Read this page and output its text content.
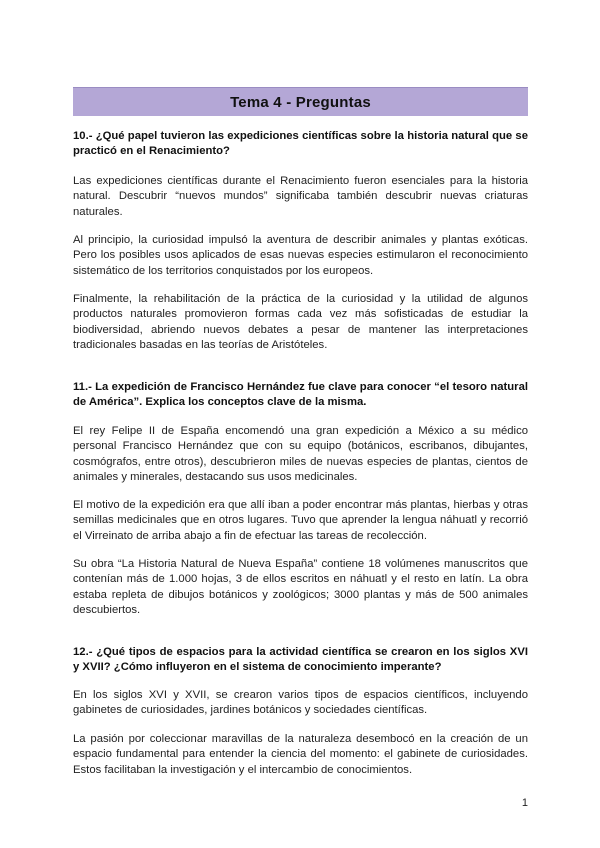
Tema 4 - Preguntas

10.- ¿Qué papel tuvieron las expediciones científicas sobre la historia natural que se practicó en el Renacimiento?

Las expediciones científicas durante el Renacimiento fueron esenciales para la historia natural. Descubrir “nuevos mundos” significaba también descubrir nuevas criaturas naturales.

Al principio, la curiosidad impulsó la aventura de describir animales y plantas exóticas. Pero los posibles usos aplicados de esas nuevas especies estimularon el reconocimiento sistemático de los territorios conquistados por los europeos.

Finalmente, la rehabilitación de la práctica de la curiosidad y la utilidad de algunos productos naturales promovieron formas cada vez más sofisticadas de estudiar la biodiversidad, abriendo nuevos debates a pesar de mantener las interpretaciones tradicionales basadas en las teorías de Aristóteles.

11.- La expedición de Francisco Hernández fue clave para conocer “el tesoro natural de América”. Explica los conceptos clave de la misma.

El rey Felipe II de España encomendó una gran expedición a México a su médico personal Francisco Hernández que con su equipo (botánicos, escribanos, dibujantes, cosmógrafos, entre otros), descubrieron miles de nuevas especies de plantas, cientos de animales y minerales, destacando sus usos medicinales.

El motivo de la expedición era que allí iban a poder encontrar más plantas, hierbas y otras semillas medicinales que en otros lugares. Tuvo que aprender la lengua náhuatl y recorrió el Virreinato de arriba abajo a fin de efectuar las tareas de recolección.

Su obra “La Historia Natural de Nueva España” contiene 18 volúmenes manuscritos que contenían más de 1.000 hojas, 3 de ellos escritos en náhuatl y el resto en latín. La obra estaba repleta de dibujos botánicos y zoológicos; 3000 plantas y más de 500 animales descubiertos.

12.- ¿Qué tipos de espacios para la actividad científica se crearon en los siglos XVI y XVII? ¿Cómo influyeron en el sistema de conocimiento imperante?

En los siglos XVI y XVII, se crearon varios tipos de espacios científicos, incluyendo gabinetes de curiosidades, jardines botánicos y sociedades científicas.

La pasión por coleccionar maravillas de la naturaleza desembocó en la creación de un espacio fundamental para entender la ciencia del momento: el gabinete de curiosidades. Estos facilitaban la investigación y el intercambio de conocimientos.

1
